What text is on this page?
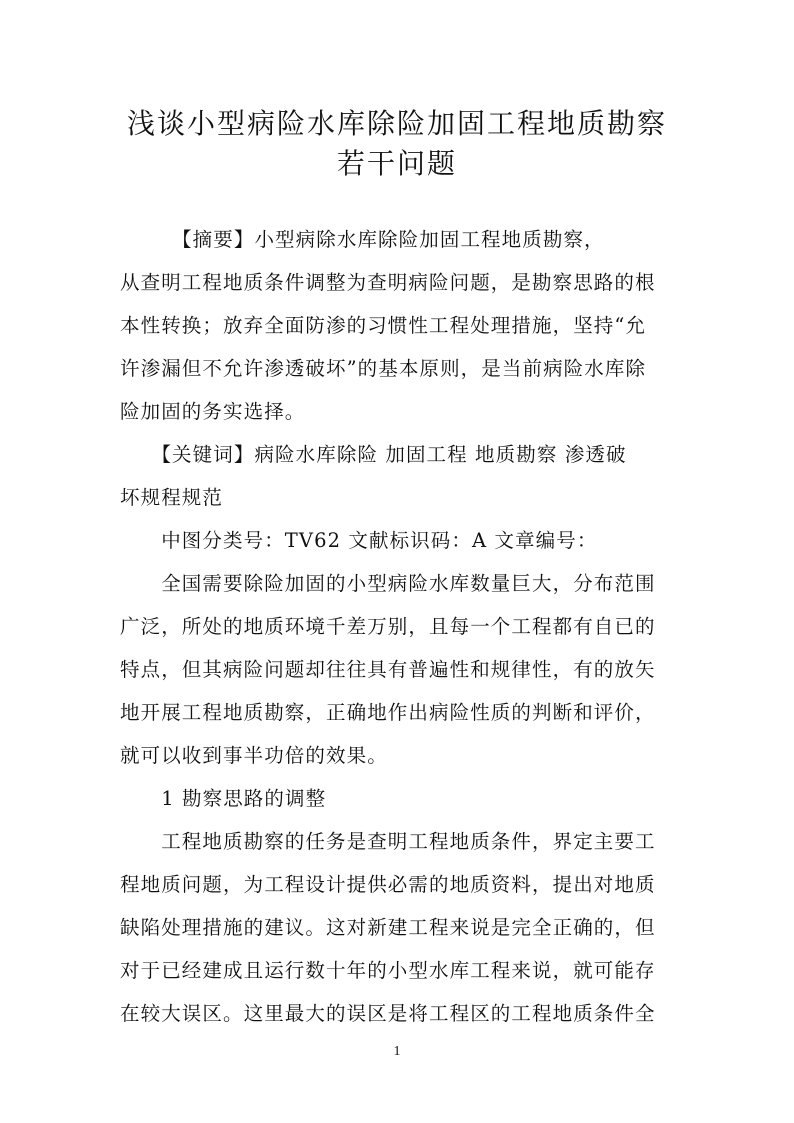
浅谈小型病险水库除险加固工程地质勘察
若干问题
　　　【摘要】小型病除水库除险加固工程地质勘察，
从查明工程地质条件调整为查明病险问题，是勘察思路的根
本性转换；放弃全面防渗的习惯性工程处理措施，坚持“允
许渗漏但不允许渗透破坏”的基本原则，是当前病险水库除
险加固的务实选择。
　　【关键词】病险水库除险 加固工程 地质勘察 渗透破
坏规程规范
　　中图分类号：TV62 文献标识码：A 文章编号：
　　全国需要除险加固的小型病险水库数量巨大，分布范围
广泛，所处的地质环境千差万别，且每一个工程都有自已的
特点，但其病险问题却往往具有普遍性和规律性，有的放矢
地开展工程地质勘察，正确地作出病险性质的判断和评价，
就可以收到事半功倍的效果。
　　1 勘察思路的调整
　　工程地质勘察的任务是查明工程地质条件，界定主要工
程地质问题，为工程设计提供必需的地质资料，提出对地质
缺陷处理措施的建议。这对新建工程来说是完全正确的，但
对于已经建成且运行数十年的小型水库工程来说，就可能存
在较大误区。这里最大的误区是将工程区的工程地质条件全
1
